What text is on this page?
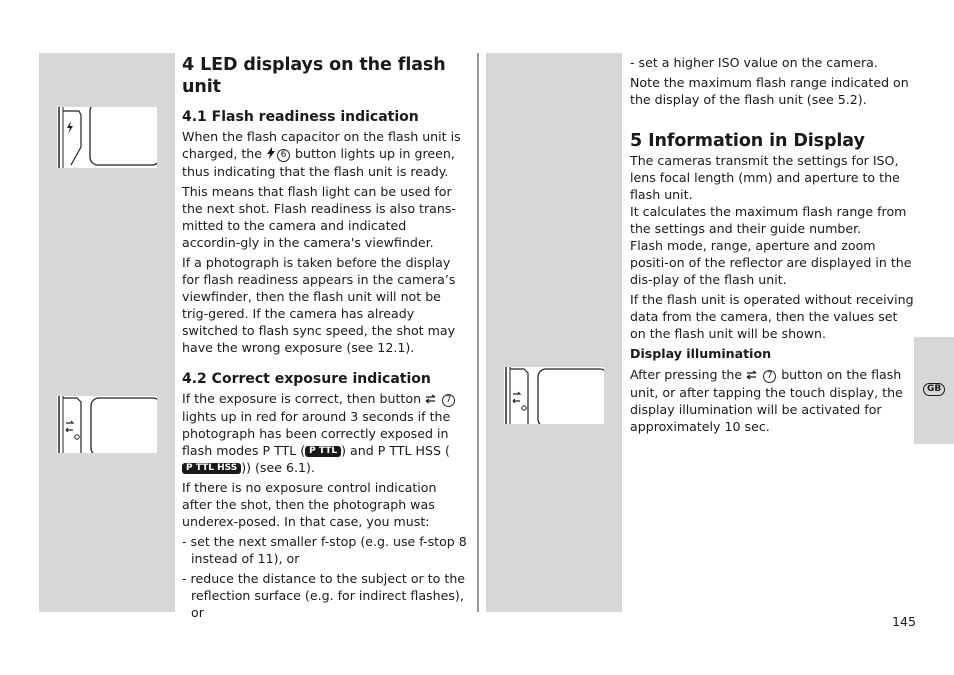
4 LED displays on the flash unit
4.1 Flash readiness indication

When the flash capacitor on the flash unit is charged, the 6 button lights up in green, thus indicating that the flash unit is ready.

This means that flash light can be used for the next shot. Flash readiness is also trans-mitted to the camera and indicated accordin-gly in the camera's viewfinder.

If a photograph is taken before the display for flash readiness appears in the camera’s viewfinder, then the flash unit will not be trig-gered. If the camera has already switched to flash sync speed, the shot may have the wrong exposure (see 12.1).

4.2 Correct exposure indication

If the exposure is correct, then button  7 lights up in red for around 3 seconds if the photograph has been correctly exposed in flash modes P TTL ( P TTL ) and P TTL HSS (P TTL HSS )) (see 6.1).

If there is no exposure control indication after the shot, then the photograph was underex-posed. In that case, you must:

- set the next smaller f-stop (e.g. use f-stop 8 instead of 11), or

- reduce the distance to the subject or to the reflection surface (e.g. for indirect flashes), or

- set a higher ISO value on the camera.

Note the maximum flash range indicated on the display of the flash unit (see 5.2).

5 Information in Display

The cameras transmit the settings for ISO, lens focal length (mm) and aperture to the flash unit.

It calculates the maximum flash range from the settings and their guide number.

Flash mode, range, aperture and zoom positi-on of the reflector are displayed in the dis-play of the flash unit.

If the flash unit is operated without receiving data from the camera, then the values set on the flash unit will be shown.

Display illumination

After pressing the  7 button on the flash unit, or after tapping the touch display, the display illumination will be activated for approximately 10 sec.

GB
145
